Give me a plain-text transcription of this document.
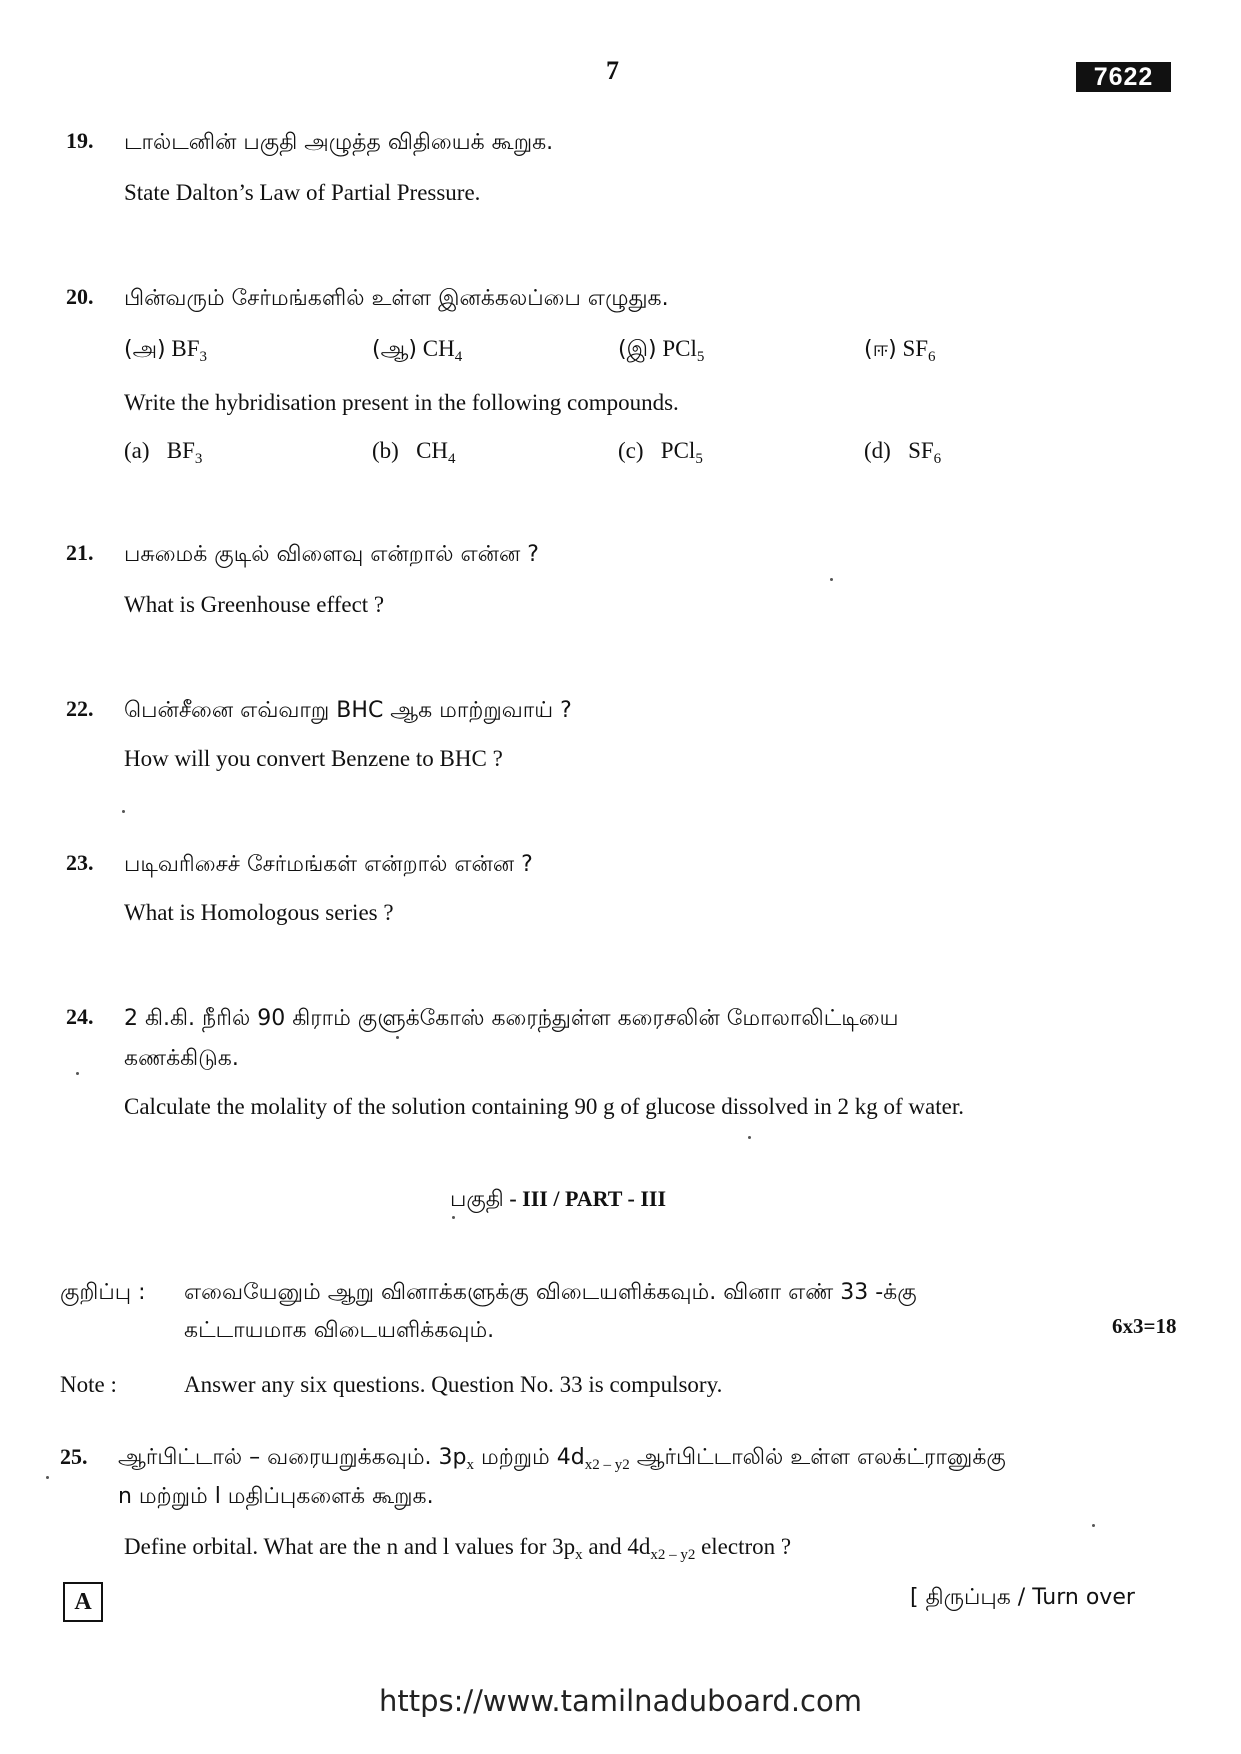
7	7622
19. டால்டனின் பகுதி அழுத்த விதியைக் கூறுக.
State Dalton’s Law of Partial Pressure.
20. பின்வரும் சேர்மங்களில் உள்ள இனக்கலப்பை எழுதுக.
(அ) $BF_3$	(ஆ) $CH_4$	(இ) PCl$_5$	(ஈ) $SF_6$
Write the hybridisation present in the following compounds.
(a) $BF_3$	(b) $CH_4$	(c) PCl$_5$	(d) $SF_6$
21. பசுமைக் குடில் விளைவு என்றால் என்ன ?
What is Greenhouse effect ?
22. பென்சீனை எவ்வாறு BHC ஆக மாற்றுவாய் ?
How will you convert Benzene to BHC ?
23. படிவரிசைச் சேர்மங்கள் என்றால் என்ன ?
What is Homologous series ?
24. 2 கி.கி. நீரில் 90 கிராம் குளுக்கோஸ் கரைந்துள்ள கரைசலின் மோலாலிட்டியை
கணக்கிடுக.
Calculate the molality of the solution containing 90 g of glucose dissolved in 2 kg of water.
பகுதி - III / PART - III
குறிப்பு : எவையேனும் ஆறு வினாக்களுக்கு விடையளிக்கவும். வினா எண் 33 -க்கு
கட்டாயமாக விடையளிக்கவும்.	6x3=18
Note :	Answer any six questions. Question No. 33 is compulsory.
25. ஆர்பிட்டால் – வரையறுக்கவும். $3p_x$ மற்றும் $4d_{x2 - y2}$ ஆர்பிட்டாலில் உள்ள எலக்ட்ரானுக்கு
n மற்றும் l மதிப்புகளைக் கூறுக.
Define orbital. What are the n and l values for $3p_x$ and $4d_{x2 - y2}$ electron ?
A	[ திருப்புக / Turn over
https://www.tamilnaduboard.com
